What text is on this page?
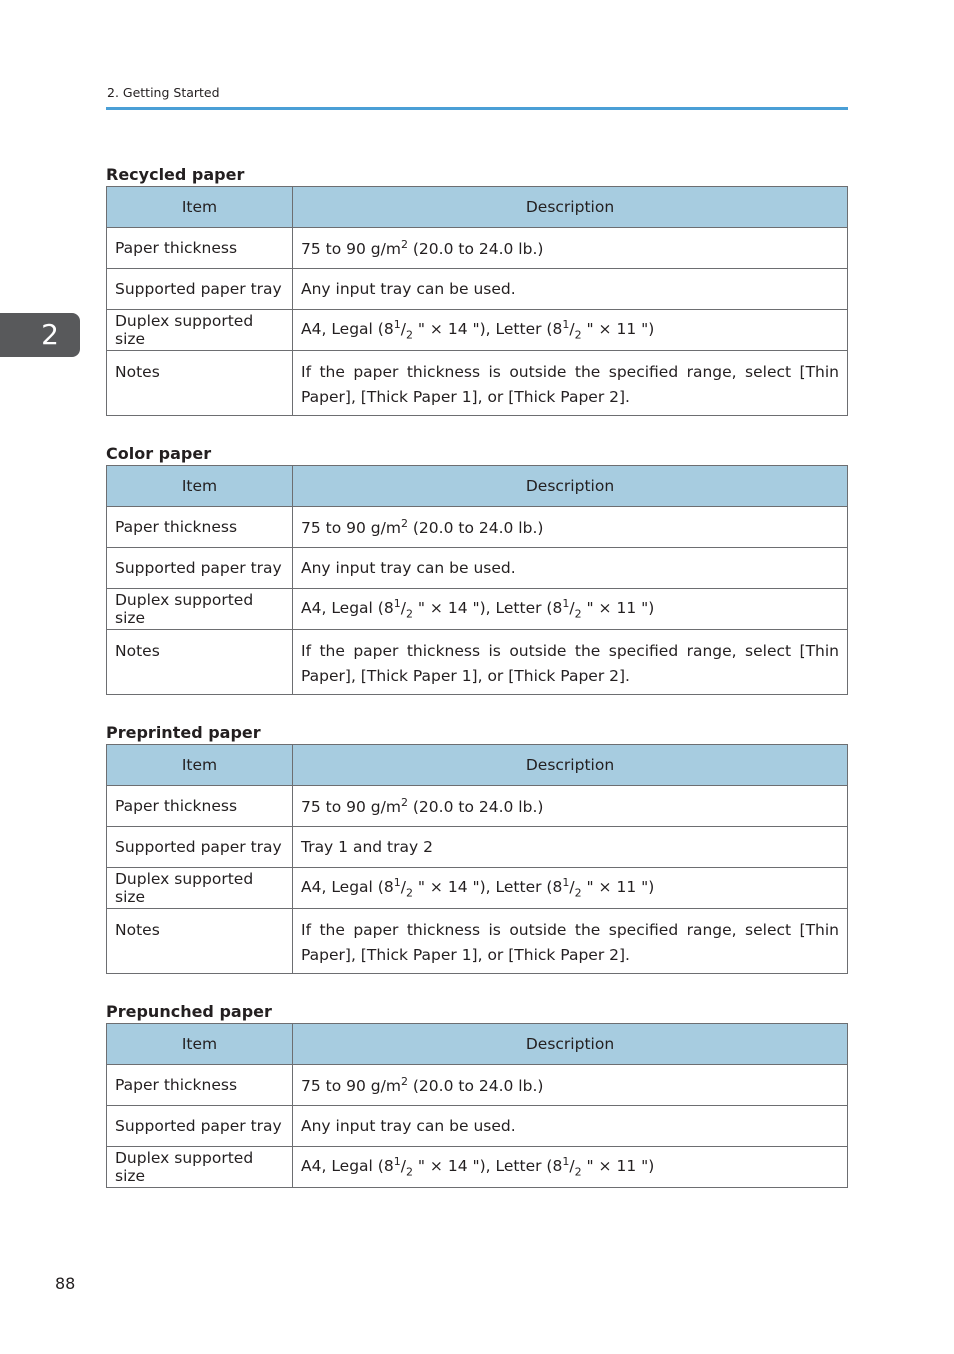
2. Getting Started
2
Recycled paper
Item	Description
Paper thickness	75 to 90 $g/m^2$ (20.0 to 24.0 lb.)
Supported paper tray	Any input tray can be used.
Duplex supported size	A4, Legal ($8^1/_2$ " × 14 "), Letter ($8^1/_2$ " × 11 ")
Notes	If the paper thickness is outside the specified range, select [Thin Paper], [Thick Paper 1], or [Thick Paper 2].
Color paper
Item	Description
Paper thickness	75 to 90 $g/m^2$ (20.0 to 24.0 lb.)
Supported paper tray	Any input tray can be used.
Duplex supported size	A4, Legal ($8^1/_2$ " × 14 "), Letter ($8^1/_2$ " × 11 ")
Notes	If the paper thickness is outside the specified range, select [Thin Paper], [Thick Paper 1], or [Thick Paper 2].
Preprinted paper
Item	Description
Paper thickness	75 to 90 $g/m^2$ (20.0 to 24.0 lb.)
Supported paper tray	Tray 1 and tray 2
Duplex supported size	A4, Legal ($8^1/_2$ " × 14 "), Letter ($8^1/_2$ " × 11 ")
Notes	If the paper thickness is outside the specified range, select [Thin Paper], [Thick Paper 1], or [Thick Paper 2].
Prepunched paper
Item	Description
Paper thickness	75 to 90 $g/m^2$ (20.0 to 24.0 lb.)
Supported paper tray	Any input tray can be used.
Duplex supported size	A4, Legal ($8^1/_2$ " × 14 "), Letter ($8^1/_2$ " × 11 ")
88
